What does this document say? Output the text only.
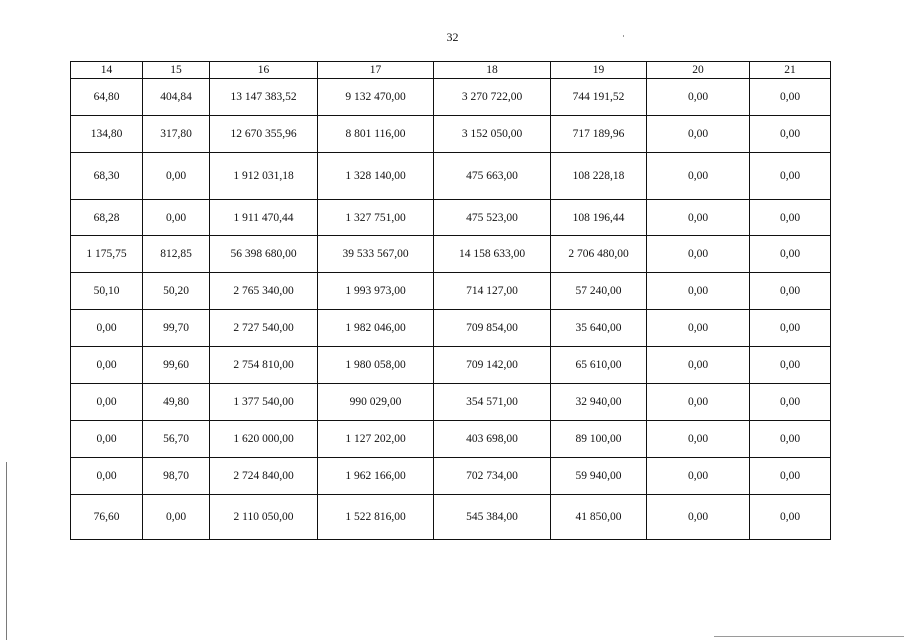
32
14	15	16	17	18	19	20	21
64,80	404,84	13 147 383,52	9 132 470,00	3 270 722,00	744 191,52	0,00	0,00
134,80	317,80	12 670 355,96	8 801 116,00	3 152 050,00	717 189,96	0,00	0,00
68,30	0,00	1 912 031,18	1 328 140,00	475 663,00	108 228,18	0,00	0,00
68,28	0,00	1 911 470,44	1 327 751,00	475 523,00	108 196,44	0,00	0,00
1 175,75	812,85	56 398 680,00	39 533 567,00	14 158 633,00	2 706 480,00	0,00	0,00
50,10	50,20	2 765 340,00	1 993 973,00	714 127,00	57 240,00	0,00	0,00
0,00	99,70	2 727 540,00	1 982 046,00	709 854,00	35 640,00	0,00	0,00
0,00	99,60	2 754 810,00	1 980 058,00	709 142,00	65 610,00	0,00	0,00
0,00	49,80	1 377 540,00	990 029,00	354 571,00	32 940,00	0,00	0,00
0,00	56,70	1 620 000,00	1 127 202,00	403 698,00	89 100,00	0,00	0,00
0,00	98,70	2 724 840,00	1 962 166,00	702 734,00	59 940,00	0,00	0,00
76,60	0,00	2 110 050,00	1 522 816,00	545 384,00	41 850,00	0,00	0,00
